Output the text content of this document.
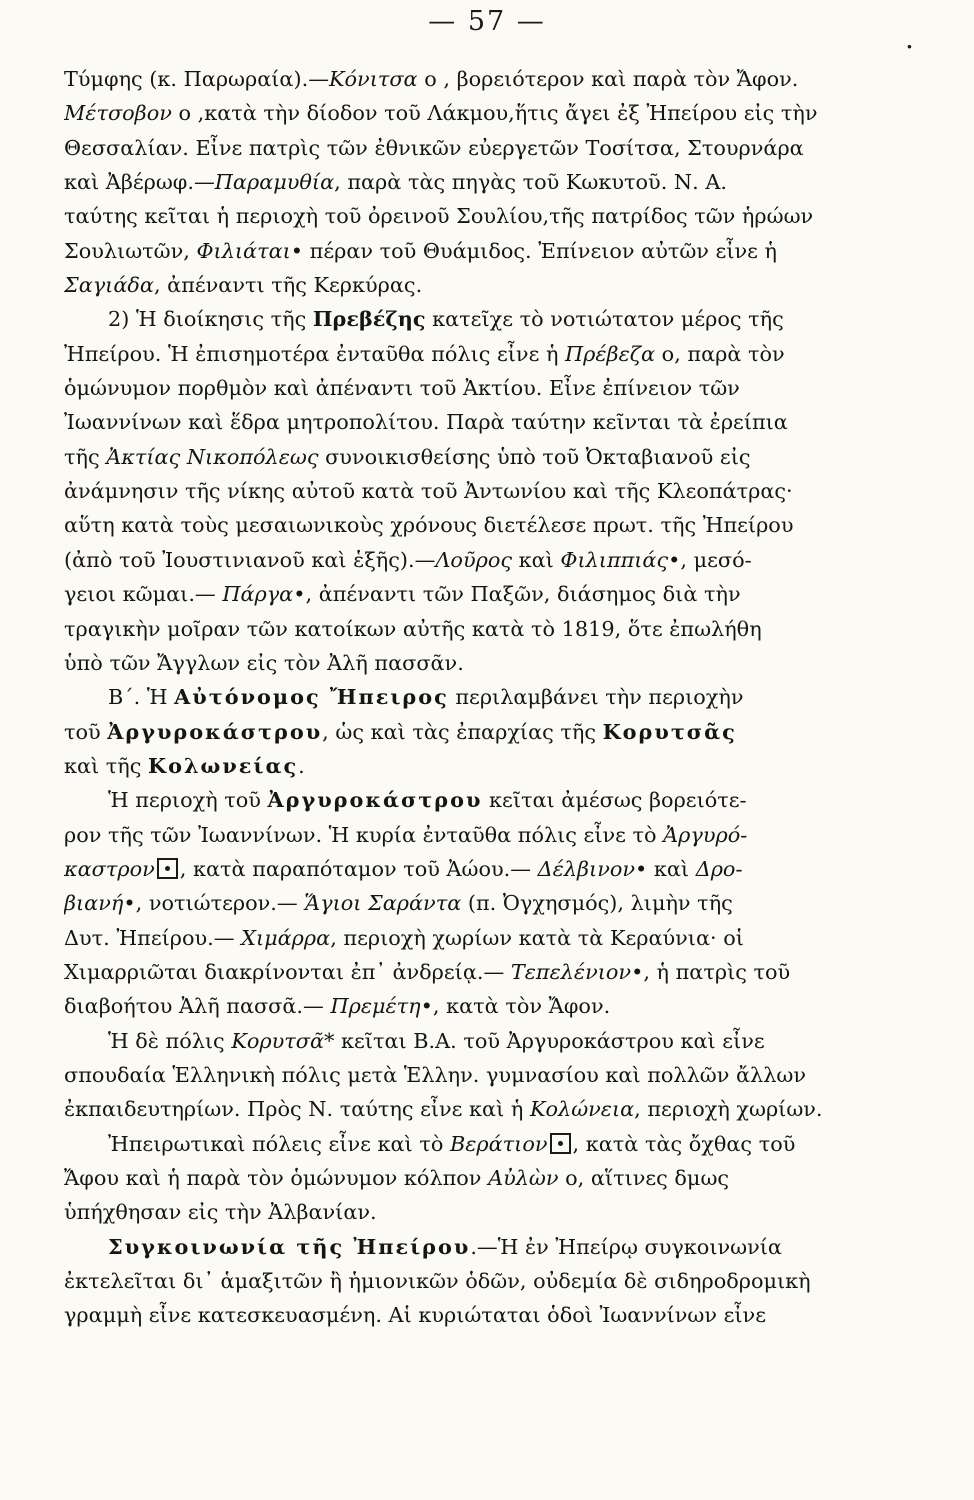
— 57 —
.
Τύμφης (κ. Παρωραία).—Κόνιτσα ο , βορειότερον καὶ παρὰ τὸν Ἄφον.
Μέτσοβον ο ,κατὰ τὴν δίοδον τοῦ Λάκμου,ἥτις ἄγει ἐξ Ἠπείρου εἰς τὴν
Θεσσαλίαν. Εἶνε πατρὶς τῶν ἐθνικῶν εὐεργετῶν Τοσίτσα, Στουρνάρα
καὶ Ἀβέρωφ.—Παραμυθία, παρὰ τὰς πηγὰς τοῦ Κωκυτοῦ. Ν. Α.
ταύτης κεῖται ἡ περιοχὴ τοῦ ὀρεινοῦ Σουλίου,τῆς πατρίδος τῶν ἡρώων
Σουλιωτῶν, Φιλιάται• πέραν τοῦ Θυάμιδος. Ἐπίνειον αὐτῶν εἶνε ἡ
Σαγιάδα, ἀπέναντι τῆς Κερκύρας.
2) Ἡ διοίκησις τῆς Πρεβέζης κατεῖχε τὸ νοτιώτατον μέρος τῆς
Ἠπείρου. Ἡ ἐπισημοτέρα ἐνταῦθα πόλις εἶνε ἡ Πρέβεζα ο, παρὰ τὸν
ὁμώνυμον πορθμὸν καὶ ἀπέναντι τοῦ Ἀκτίου. Εἶνε ἐπίνειον τῶν
Ἰωαννίνων καὶ ἕδρα μητροπολίτου. Παρὰ ταύτην κεῖνται τὰ ἐρείπια
τῆς Ἀκτίας Νικοπόλεως συνοικισθείσης ὑπὸ τοῦ Ὀκταβιανοῦ εἰς
ἀνάμνησιν τῆς νίκης αὐτοῦ κατὰ τοῦ Ἀντωνίου καὶ τῆς Κλεοπάτρας·
αὕτη κατὰ τοὺς μεσαιωνικοὺς χρόνους διετέλεσε πρωτ. τῆς Ἠπείρου
(ἀπὸ τοῦ Ἰουστινιανοῦ καὶ ἑξῆς).—Λοῦρος καὶ Φιλιππιάς•, μεσό-
γειοι κῶμαι.— Πάργα•, ἀπέναντι τῶν Παξῶν, διάσημος διὰ τὴν
τραγικὴν μοῖραν τῶν κατοίκων αὐτῆς κατὰ τὸ 1819, ὅτε ἐπωλήθη
ὑπὸ τῶν Ἄγγλων εἰς τὸν Ἀλῆ πασσᾶν.
Β΄. Ἡ Αὐτόνομος Ἤπειρος περιλαμβάνει τὴν περιοχὴν
τοῦ Ἀργυροκάστρου, ὡς καὶ τὰς ἐπαρχίας τῆς Κορυτσᾶς
καὶ τῆς Κολωνείας.
Ἡ περιοχὴ τοῦ Ἀργυροκάστρου κεῖται ἀμέσως βορειότε-
ρον τῆς τῶν Ἰωαννίνων. Ἡ κυρία ἐνταῦθα πόλις εἶνε τὸ Ἀργυρό-
καστρον , κατὰ παραπόταμον τοῦ Ἀώου.— Δέλβινον• καὶ Δρο-
βιανή•, νοτιώτερον.— Ἅγιοι Σαράντα (π. Ὀγχησμός), λιμὴν τῆς
Δυτ. Ἠπείρου.— Χιμάρρα, περιοχὴ χωρίων κατὰ τὰ Κεραύνια· οἱ
Χιμαρριῶται διακρίνονται ἐπ᾽ ἀνδρείᾳ.— Τεπελένιον•, ἡ πατρὶς τοῦ
διαβοήτου Ἀλῆ πασσᾶ.— Πρεμέτη•, κατὰ τὸν Ἄφον.
Ἡ δὲ πόλις Κορυτσᾶ* κεῖται Β.Α. τοῦ Ἀργυροκάστρου καὶ εἶνε
σπουδαία Ἑλληνικὴ πόλις μετὰ Ἑλλην. γυμνασίου καὶ πολλῶν ἄλλων
ἐκπαιδευτηρίων. Πρὸς Ν. ταύτης εἶνε καὶ ἡ Κολώνεια, περιοχὴ χωρίων.
Ἠπειρωτικαὶ πόλεις εἶνε καὶ τὸ Βεράτιον , κατὰ τὰς ὄχθας τοῦ
Ἄφου καὶ ἡ παρὰ τὸν ὁμώνυμον κόλπον Αὐλὼν ο, αἵτινες δμως
ὑπήχθησαν εἰς τὴν Ἀλβανίαν.
Συγκοινωνία τῆς Ἠπείρου.—Ἡ ἐν Ἠπείρῳ συγκοινωνία
ἐκτελεῖται δι᾽ ἁμαξιτῶν ἢ ἡμιονικῶν ὁδῶν, οὐδεμία δὲ σιδηροδρομικὴ
γραμμὴ εἶνε κατεσκευασμένη. Αἱ κυριώταται ὁδοὶ Ἰωαννίνων εἶνε
